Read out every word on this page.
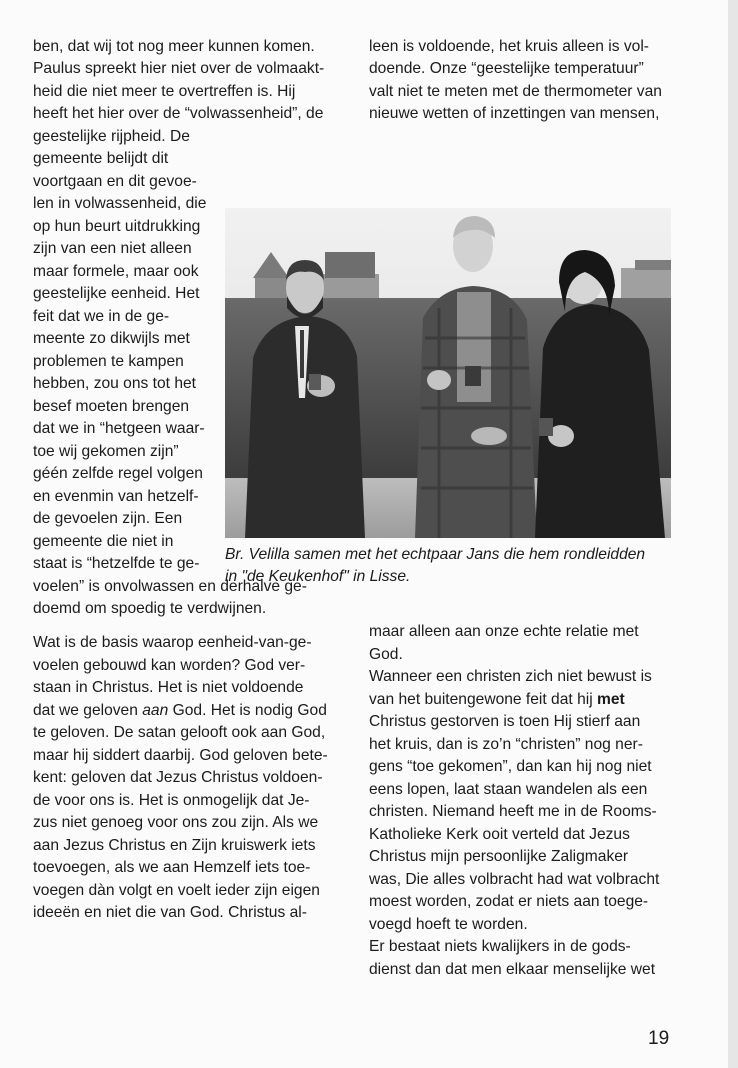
ben, dat wij tot nog meer kunnen komen.
Paulus spreekt hier niet over de volmaakt-
heid die niet meer te overtreffen is. Hij
heeft het hier over de “volwassenheid”, de
geestelijke rijpheid. De
gemeente belijdt dit
voortgaan en dit gevoe-
len in volwassenheid, die
op hun beurt uitdrukking
zijn van een niet alleen
maar formele, maar ook
geestelijke eenheid. Het
feit dat we in de ge-
meente zo dikwijls met
problemen te kampen
hebben, zou ons tot het
besef moeten brengen
dat we in “hetgeen waar-
toe wij gekomen zijn”
géén zelfde regel volgen
en evenmin van hetzelf-
de gevoelen zijn. Een
gemeente die niet in
staat is “hetzelfde te ge-
voelen” is onvolwassen en derhalve ge-
doemd om spoedig te verdwijnen.
Wat is de basis waarop eenheid-van-ge-
voelen gebouwd kan worden? God ver-
staan in Christus. Het is niet voldoende
dat we geloven aan God. Het is nodig God
te geloven. De satan gelooft ook aan God,
maar hij siddert daarbij. God geloven bete-
kent: geloven dat Jezus Christus voldoen-
de voor ons is. Het is onmogelijk dat Je-
zus niet genoeg voor ons zou zijn. Als we
aan Jezus Christus en Zijn kruiswerk iets
toevoegen, als we aan Hemzelf iets toe-
voegen dàn volgt en voelt ieder zijn eigen
ideeën en niet die van God. Christus al-
leen is voldoende, het kruis alleen is vol-
doende. Onze “geestelijke temperatuur”
valt niet te meten met de thermometer van
nieuwe wetten of inzettingen van mensen,
Br. Velilla samen met het echtpaar Jans die hem rondleidden
in "de Keukenhof" in Lisse.
maar alleen aan onze echte relatie met
God.
Wanneer een christen zich niet bewust is
van het buitengewone feit dat hij met
Christus gestorven is toen Hij stierf aan
het kruis, dan is zo’n “christen” nog ner-
gens “toe gekomen”, dan kan hij nog niet
eens lopen, laat staan wandelen als een
christen. Niemand heeft me in de Rooms-
Katholieke Kerk ooit verteld dat Jezus
Christus mijn persoonlijke Zaligmaker
was, Die alles volbracht had wat volbracht
moest worden, zodat er niets aan toege-
voegd hoeft te worden.
Er bestaat niets kwalijkers in de gods-
dienst dan dat men elkaar menselijke wet
19
